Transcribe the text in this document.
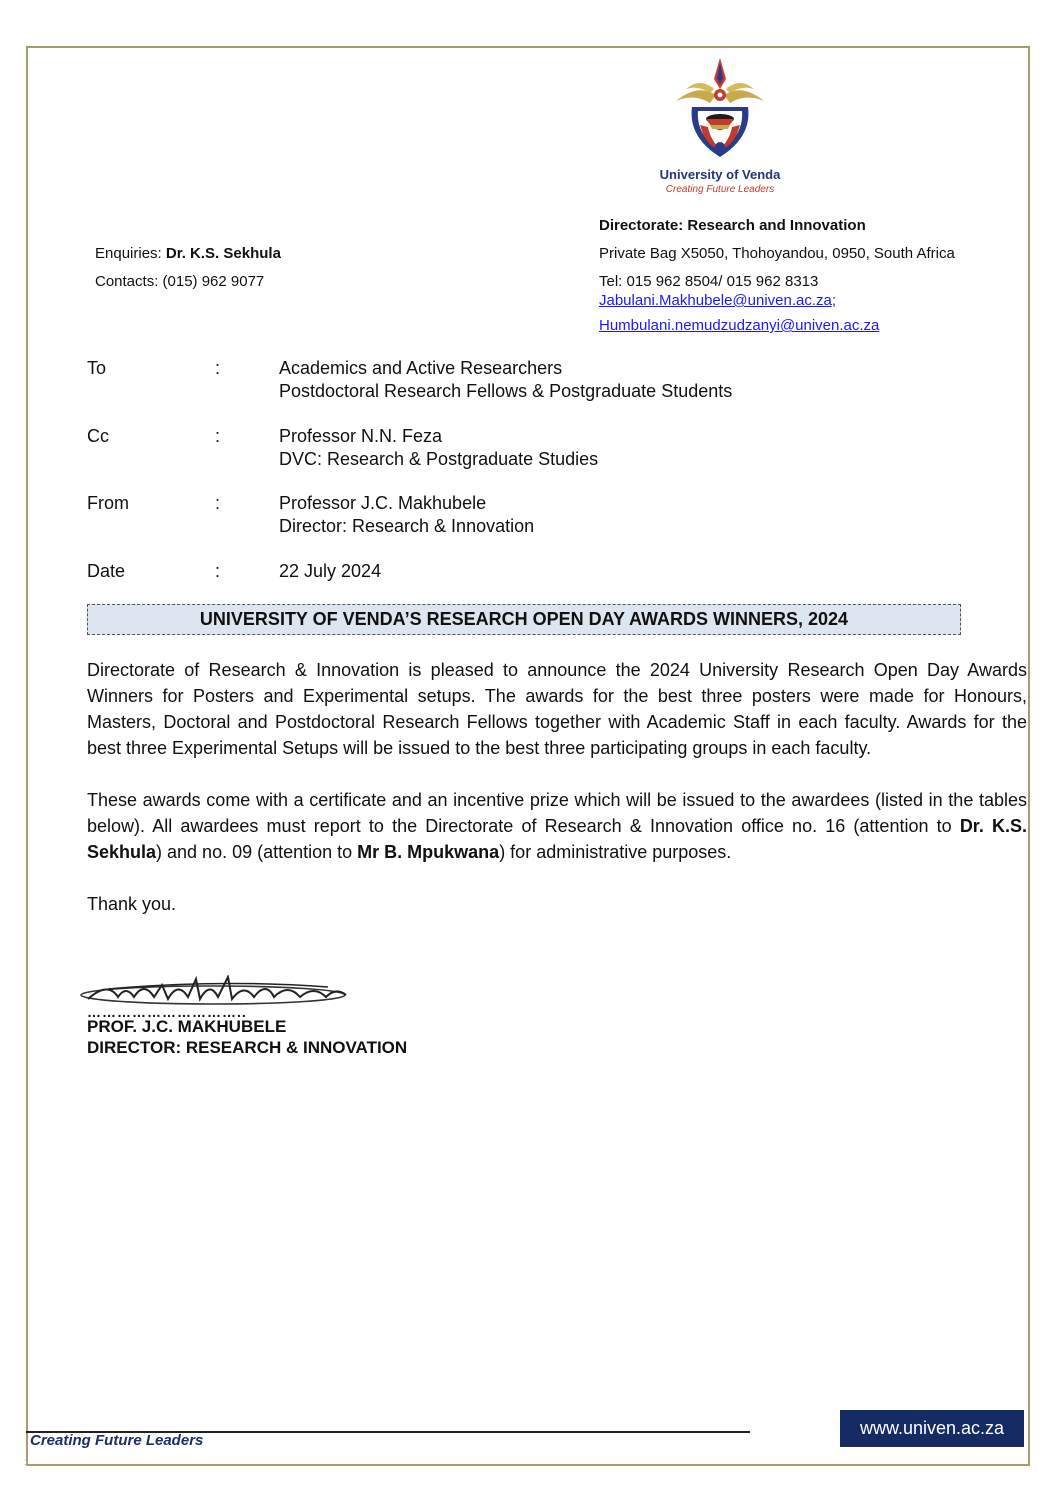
University of Venda
Creating Future Leaders
Directorate: Research and Innovation
Private Bag X5050, Thohoyandou, 0950, South Africa
Tel: 015 962 8504/ 015 962 8313
Jabulani.Makhubele@univen.ac.za;
Humbulani.nemudzudzanyi@univen.ac.za
Enquiries: Dr. K.S. Sekhula
Contacts: (015) 962 9077
To	:	Academics and Active Researchers
Postdoctoral Research Fellows & Postgraduate Students
Cc	:	Professor N.N. Feza
DVC: Research & Postgraduate Studies
From	:	Professor J.C. Makhubele
Director: Research & Innovation
Date	:	22 July 2024
UNIVERSITY OF VENDA’S RESEARCH OPEN DAY AWARDS WINNERS, 2024
Directorate of Research & Innovation is pleased to announce the 2024 University Research Open Day Awards Winners for Posters and Experimental setups. The awards for the best three posters were made for Honours, Masters, Doctoral and Postdoctoral Research Fellows together with Academic Staff in each faculty. Awards for the best three Experimental Setups will be issued to the best three participating groups in each faculty.
These awards come with a certificate and an incentive prize which will be issued to the awardees (listed in the tables below). All awardees must report to the Directorate of Research & Innovation office no. 16 (attention to Dr. K.S. Sekhula) and no. 09 (attention to Mr B. Mpukwana) for administrative purposes.
Thank you.
…………………………..
PROF. J.C. MAKHUBELE
DIRECTOR: RESEARCH & INNOVATION
Creating Future Leaders
www.univen.ac.za
1
